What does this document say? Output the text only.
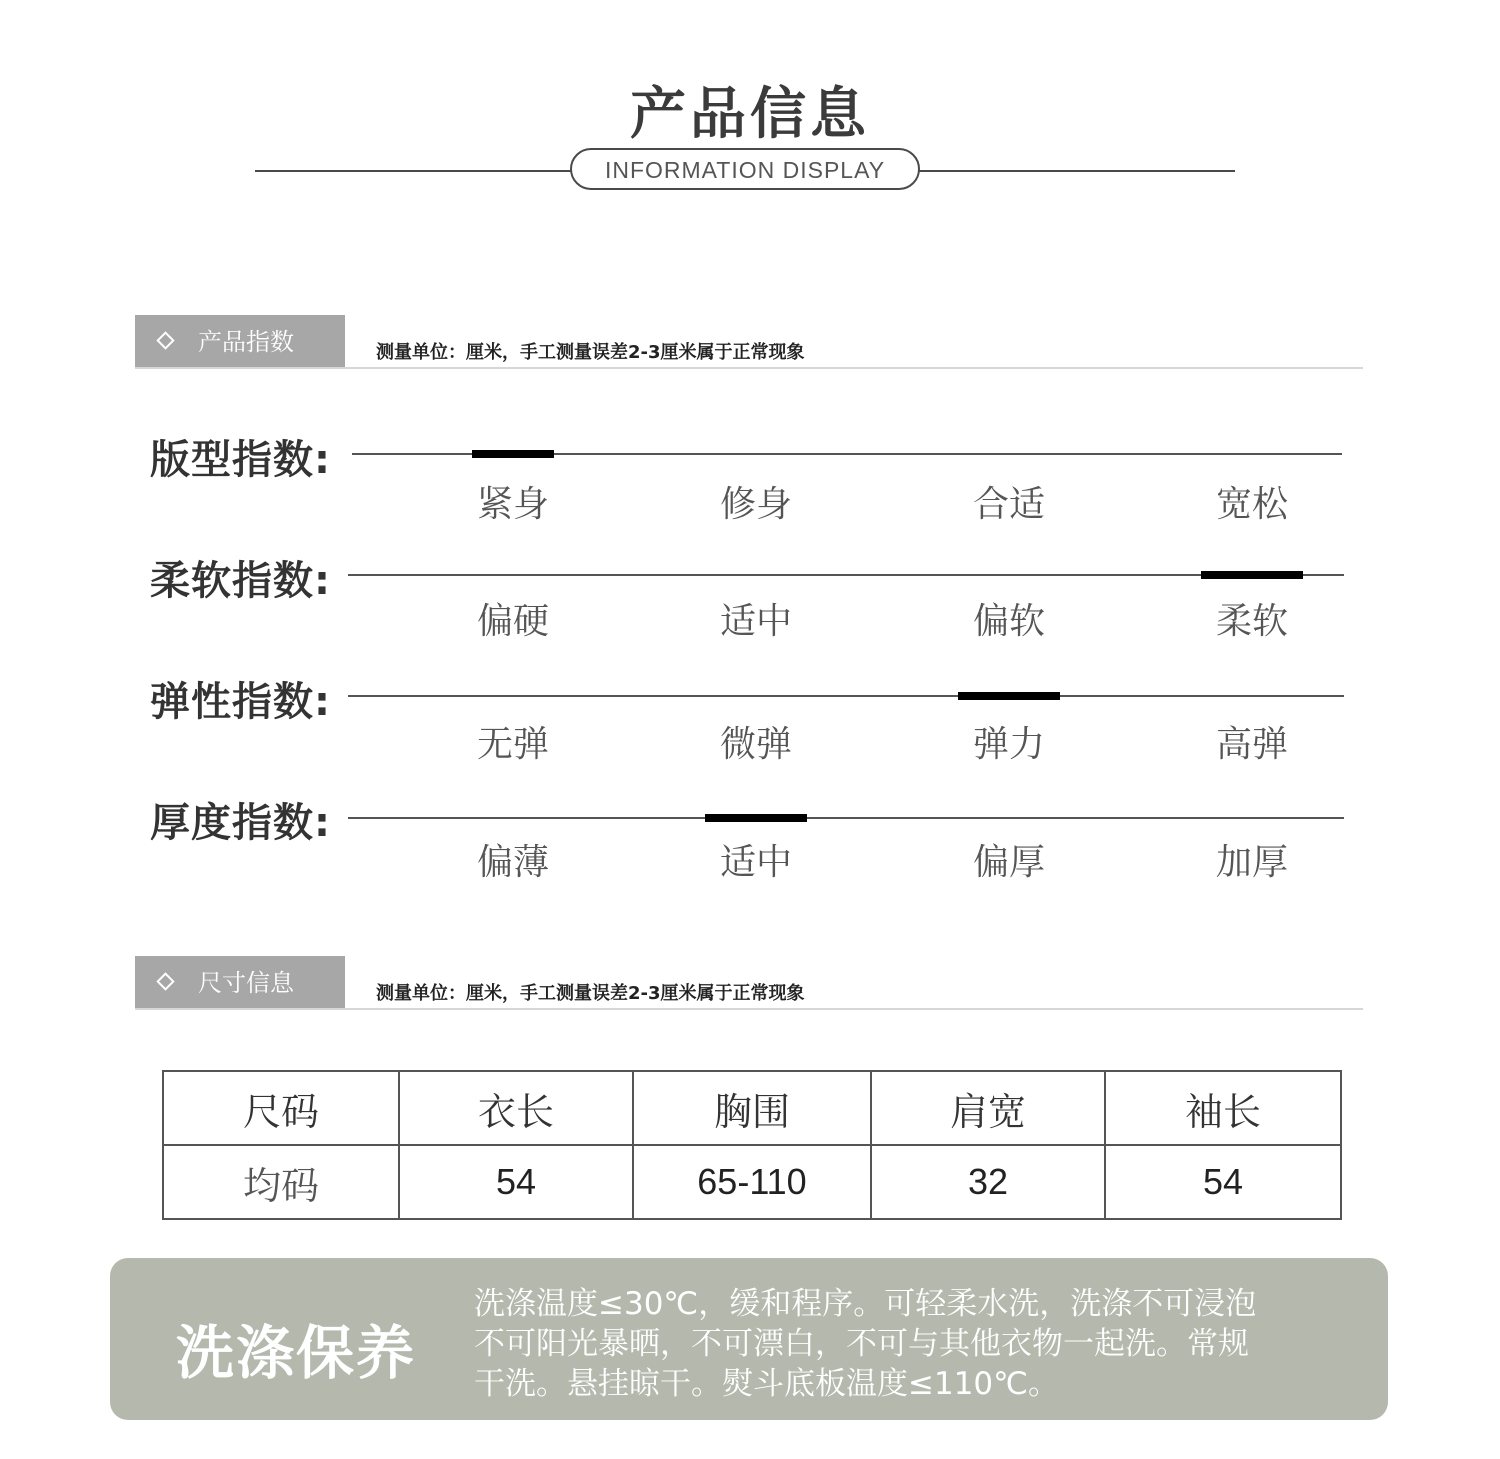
产品信息
INFORMATION DISPLAY
产品指数	测量单位：厘米，手工测量误差2-3厘米属于正常现象
版型指数:
紧身	修身	合适	宽松
柔软指数:
偏硬	适中	偏软	柔软
弹性指数:
无弹	微弹	弹力	高弹
厚度指数:
偏薄	适中	偏厚	加厚
尺寸信息	测量单位：厘米，手工测量误差2-3厘米属于正常现象
尺码	衣长	胸围	肩宽	袖长
均码	54	65-110	32	54
洗涤保养
洗涤温度≤30℃，缓和程序。可轻柔水洗，洗涤不可浸泡
不可阳光暴晒，不可漂白，不可与其他衣物一起洗。常规
干洗。悬挂晾干。熨斗底板温度≤110℃。
